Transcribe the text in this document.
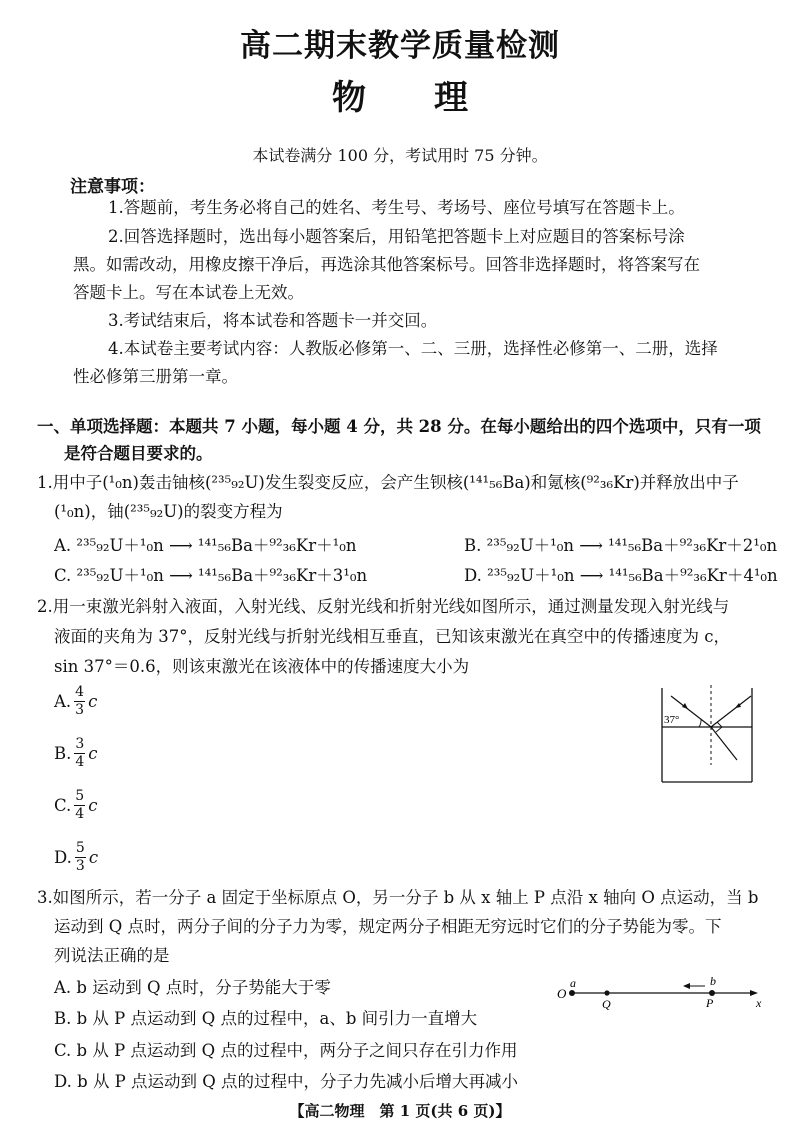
高二期末教学质量检测
物　　理
本试卷满分 100 分，考试用时 75 分钟。
注意事项：
1.答题前，考生务必将自己的姓名、考生号、考场号、座位号填写在答题卡上。
2.回答选择题时，选出每小题答案后，用铅笔把答题卡上对应题目的答案标号涂
黑。如需改动，用橡皮擦干净后，再选涂其他答案标号。回答非选择题时，将答案写在
答题卡上。写在本试卷上无效。
3.考试结束后，将本试卷和答题卡一并交回。
4.本试卷主要考试内容：人教版必修第一、二、三册，选择性必修第一、二册，选择
性必修第三册第一章。
一、单项选择题：本题共 7 小题，每小题 4 分，共 28 分。在每小题给出的四个选项中，只有一项
是符合题目要求的。
1.用中子(¹₀n)轰击铀核(²³⁵₉₂U)发生裂变反应，会产生钡核(¹⁴¹₅₆Ba)和氪核(⁹²₃₆Kr)并释放出中子
(¹₀n)，铀(²³⁵₉₂U)的裂变方程为
A. ²³⁵₉₂U＋¹₀n ⟶ ¹⁴¹₅₆Ba＋⁹²₃₆Kr＋¹₀n	B. ²³⁵₉₂U＋¹₀n ⟶ ¹⁴¹₅₆Ba＋⁹²₃₆Kr＋2¹₀n
C. ²³⁵₉₂U＋¹₀n ⟶ ¹⁴¹₅₆Ba＋⁹²₃₆Kr＋3¹₀n	D. ²³⁵₉₂U＋¹₀n ⟶ ¹⁴¹₅₆Ba＋⁹²₃₆Kr＋4¹₀n
2.用一束激光斜射入液面，入射光线、反射光线和折射光线如图所示，通过测量发现入射光线与
液面的夹角为 37°，反射光线与折射光线相互垂直，已知该束激光在真空中的传播速度为 c，
sin 37°＝0.6，则该束激光在该液体中的传播速度大小为
A. $\frac{4}{3}$ c
B. $\frac{3}{4}$ c
C. $\frac{5}{4}$ c
D. $\frac{5}{3}$ c
37°
3.如图所示，若一分子 a 固定于坐标原点 O，另一分子 b 从 x 轴上 P 点沿 x 轴向 O 点运动，当 b
运动到 Q 点时，两分子间的分子力为零，规定两分子相距无穷远时它们的分子势能为零。下
列说法正确的是
A. b 运动到 Q 点时，分子势能大于零
B. b 从 P 点运动到 Q 点的过程中，a、b 间引力一直增大
C. b 从 P 点运动到 Q 点的过程中，两分子之间只存在引力作用
D. b 从 P 点运动到 Q 点的过程中，分子力先减小后增大再减小
O
a
Q
b
P	x
【高二物理　第 1 页(共 6 页)】
